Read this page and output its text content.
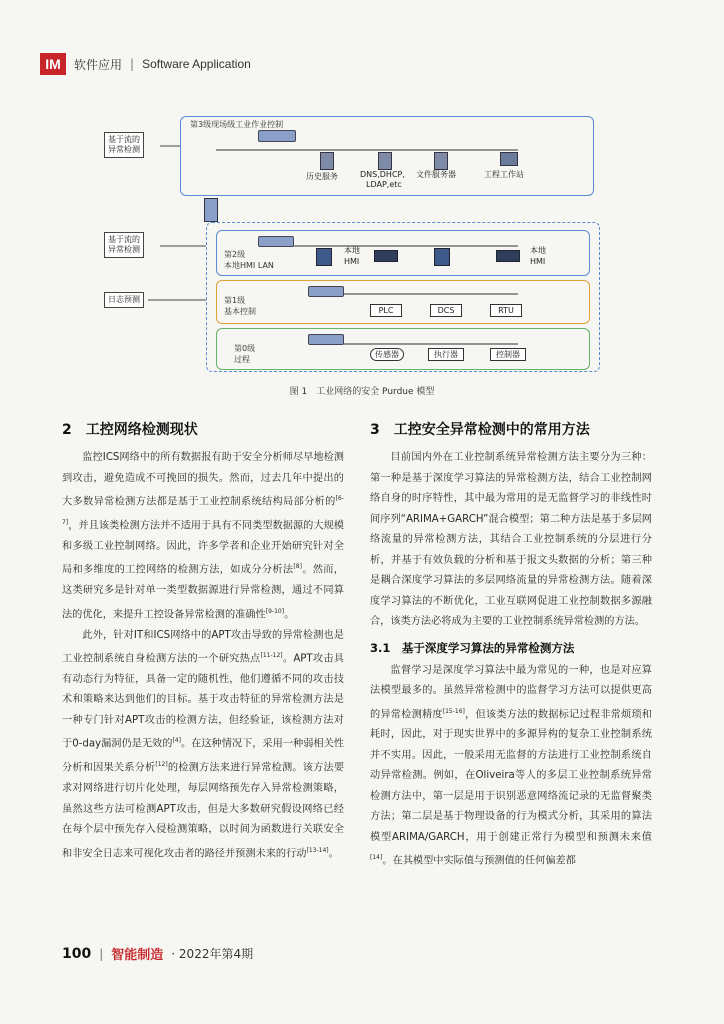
IM	软件应用 | Software Application
第3级现场级工业作业控制
第2级
本地HMI LAN
第1级
基本控制
第0级
过程
基于流的
异常检测
基于流的
异常检测
日志预测
历史服务	DNS,DHCP,
LDAP,etc
文件服务器	工程工作站
本地
HMI
本地
HMI
PLC	DCS	RTU
传感器	执行器	控制器
图 1　工业网络的安全 Purdue 模型
2　工控网络检测现状

监控ICS网络中的所有数据报有助于安全分析师尽早地检测到攻击，避免造成不可挽回的损失。然而，过去几年中提出的大多数异常检测方法都是基于工业控制系统结构局部分析的[6-7]，并且该类检测方法并不适用于具有不同类型数据源的大规模和多级工业控制网络。因此，许多学者和企业开始研究针对全局和多维度的工控网络的检测方法，如成分分析法[8]。然而，这类研究多是针对单一类型数据源进行异常检测，通过不同算法的优化，来提升工控设备异常检测的准确性[9-10]。

此外，针对IT和ICS网络中的APT攻击导致的异常检测也是工业控制系统自身检测方法的一个研究热点[11-12]。APT攻击具有动态行为特征，具备一定的随机性，他们遵循不同的攻击技术和策略来达到他们的目标。基于攻击特征的异常检测方法是一种专门针对APT攻击的检测方法，但经验证，该检测方法对于0-day漏洞仍是无效的[4]。在这种情况下，采用一种弱相关性分析和因果关系分析[12]的检测方法来进行异常检测。该方法要求对网络进行切片化处理，每层网络预先存入异常检测策略，虽然这些方法可检测APT攻击，但是大多数研究假设网络已经在每个层中预先存入侵检测策略，以时间为函数进行关联安全和非安全日志来可视化攻击者的路径并预测未来的行动[13-14]。

3　工控安全异常检测中的常用方法

目前国内外在工业控制系统异常检测方法主要分为三种：第一种是基于深度学习算法的异常检测方法，结合工业控制网络自身的时序特性，其中最为常用的是无监督学习的非线性时间序列“ARIMA+GARCH”混合模型；第二种方法是基于多层网络流量的异常检测方法，其结合工业控制系统的分层进行分析，并基于有效负载的分析和基于报文头数据的分析；第三种是耦合深度学习算法的多层网络流量的异常检测方法。随着深度学习算法的不断优化，工业互联网促进工业控制数据多源融合，该类方法必将成为主要的工业控制系统异常检测的方法。

3.1　基于深度学习算法的异常检测方法

监督学习是深度学习算法中最为常见的一种，也是对应算法模型最多的。虽然异常检测中的监督学习方法可以提供更高的异常检测精度[15-16]，但该类方法的数据标记过程非常烦琐和耗时，因此，对于现实世界中的多源异构的复杂工业控制系统并不实用。因此，一般采用无监督的方法进行工业控制系统自动异常检测。例如，在Oliveira等人的多层工业控制系统异常检测方法中，第一层是用于识别恶意网络流记录的无监督聚类方法；第二层是基于物理设备的行为模式分析，其采用的算法模型ARIMA/GARCH，用于创建正常行为模型和预测未来值[14]。在其模型中实际值与预测值的任何偏差都

100 | 智能制造 · 2022年第4期
